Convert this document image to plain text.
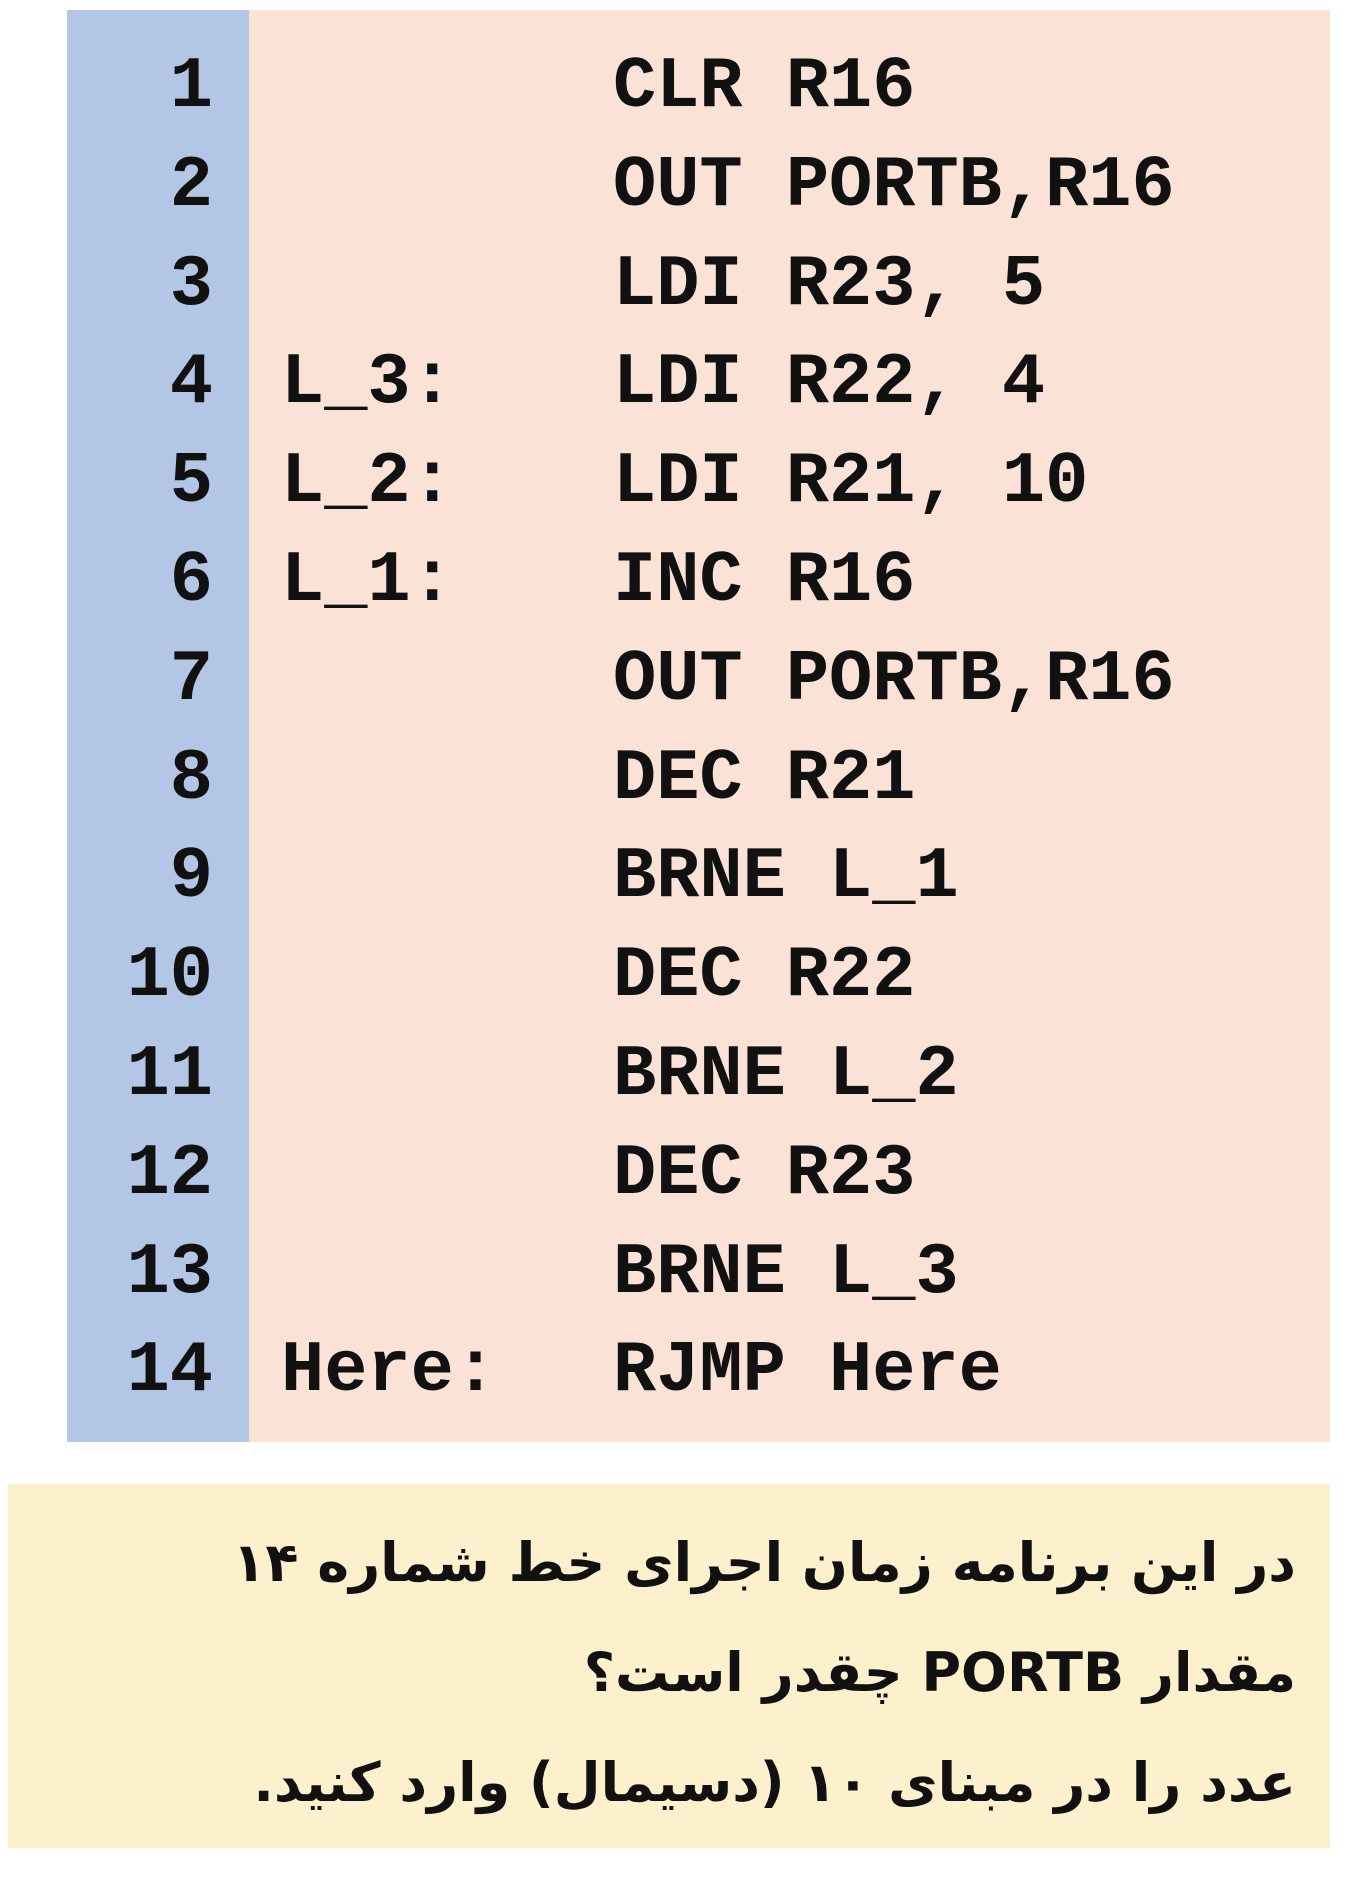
1	CLR R16
2	OUT PORTB,R16
3	LDI R23, 5
4 L_3: LDI R22, 4
5 L_2: LDI R21, 10
6 L_1: INC R16
7	OUT PORTB,R16
8	DEC R21
9	BRNE L_1
10	DEC R22
11	BRNE L_2
12	DEC R23
13	BRNE L_3
14 Here: RJMP Here
در این برنامه زمان اجرای خط شماره ۱۴
مقدار PORTB چقدر است؟
عدد را در مبنای ۱۰ (دسیمال) وارد کنید.
